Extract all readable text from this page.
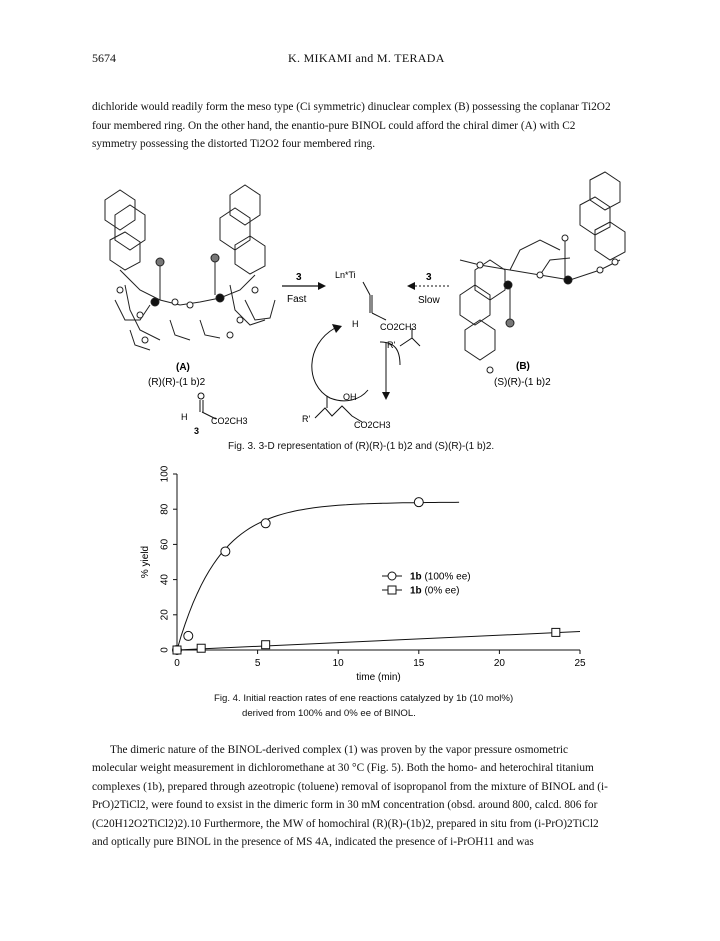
5674	K. MIKAMI and M. TERADA

dichloride would readily form the meso type (Ci symmetric) dinuclear complex (B) possessing the coplanar Ti2O2 four membered ring. On the other hand, the enantio-pure BINOL could afford the chiral dimer (A) with C2 symmetry possessing the distorted Ti2O2 four membered ring.

(A)
(R)(R)-(1 b)2
(B)
(S)(R)-(1 b)2
3
Fast
3
Slow
Ln*Ti
H CO2CH3
R'
H	CO2CH3
3
R'
OH
CO2CH3
Fig. 3. 3-D representation of (R)(R)-(1 b)2 and (S)(R)-(1 b)2.
0	5	10	15	20	25
0
20
40
60
80
100
time (min)
% yield	1b (100% ee)
1b (0% ee)
Fig. 4. Initial reaction rates of ene reactions catalyzed by 1b (10 mol%)
derived from 100% and 0% ee of BINOL.
The dimeric nature of the BINOL-derived complex (1) was proven by the vapor pressure osmometric molecular weight measurement in dichloromethane at 30 °C (Fig. 5). Both the homo- and heterochiral titanium complexes (1b), prepared through azeotropic (toluene) removal of isopropanol from the mixture of BINOL and (i-PrO)2TiCl2, were found to exsist in the dimeric form in 30 mM concentration (obsd. around 800, calcd. 806 for (C20H12O2TiCl2)2).10 Furthermore, the MW of homochiral (R)(R)-(1b)2, prepared in situ from (i-PrO)2TiCl2 and optically pure BINOL in the presence of MS 4A, indicated the presence of i-PrOH11 and was
